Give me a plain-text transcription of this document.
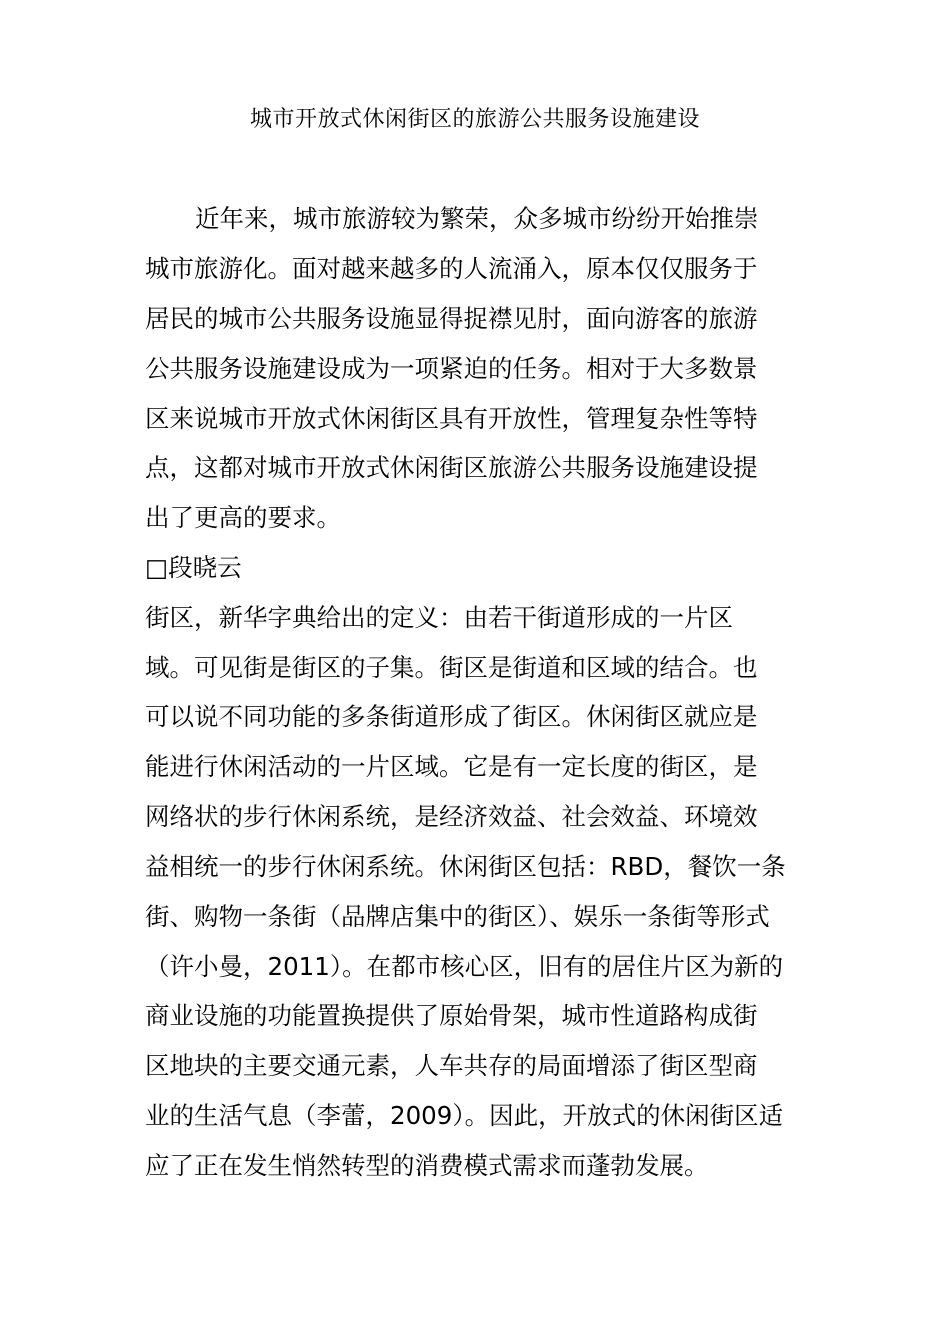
城市开放式休闲街区的旅游公共服务设施建设
近年来，城市旅游较为繁荣，众多城市纷纷开始推崇
城市旅游化。面对越来越多的人流涌入，原本仅仅服务于
居民的城市公共服务设施显得捉襟见肘，面向游客的旅游
公共服务设施建设成为一项紧迫的任务。相对于大多数景
区来说城市开放式休闲街区具有开放性，管理复杂性等特
点，这都对城市开放式休闲街区旅游公共服务设施建设提
出了更高的要求。
□段晓云
街区，新华字典给出的定义：由若干街道形成的一片区
域。可见街是街区的子集。街区是街道和区域的结合。也
可以说不同功能的多条街道形成了街区。休闲街区就应是
能进行休闲活动的一片区域。它是有一定长度的街区，是
网络状的步行休闲系统，是经济效益、社会效益、环境效
益相统一的步行休闲系统。休闲街区包括：RBD，餐饮一条
街、购物一条街（品牌店集中的街区）、娱乐一条街等形式
（许小曼，2011）。在都市核心区，旧有的居住片区为新的
商业设施的功能置换提供了原始骨架，城市性道路构成街
区地块的主要交通元素，人车共存的局面增添了街区型商
业的生活气息（李蕾，2009）。因此，开放式的休闲街区适
应了正在发生悄然转型的消费模式需求而蓬勃发展。
